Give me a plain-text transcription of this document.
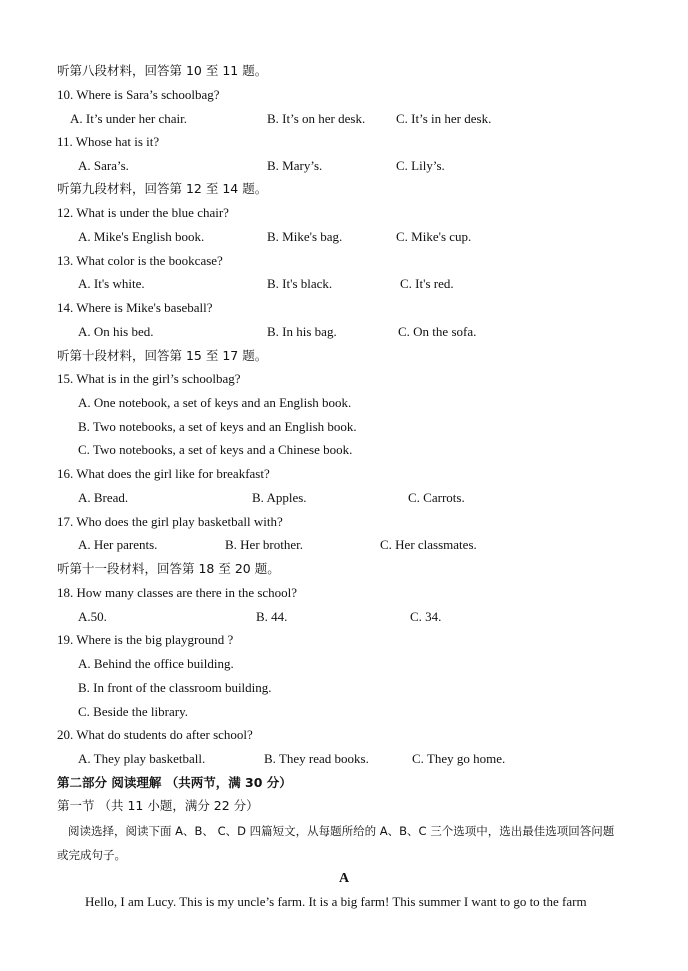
听第八段材料，回答第 10 至 11 题。
10. Where is Sara’s schoolbag?
A. It’s under her chair.	B. It’s on her desk. C. It’s in her desk.
11. Whose hat is it?
A. Sara’s.	B. Mary’s.	C. Lily’s.
听第九段材料，回答第 12 至 14 题。
12. What is under the blue chair?
A. Mike's English book.	B. Mike's bag.	C. Mike's cup.
13. What color is the bookcase?
A. It's white.	B. It's black.	C. It's red.
14. Where is Mike's baseball?
A. On his bed.	B. In his bag.	C. On the sofa.
听第十段材料，回答第 15 至 17 题。
15. What is in the girl’s schoolbag?
A. One notebook, a set of keys and an English book.
B. Two notebooks, a set of keys and an English book.
C. Two notebooks, a set of keys and a Chinese book.
16. What does the girl like for breakfast?
A. Bread.	B. Apples.	C. Carrots.
17. Who does the girl play basketball with?
A. Her parents.	B. Her brother.	C. Her classmates.
听第十一段材料，回答第 18 至 20 题。
18. How many classes are there in the school?
A.50.	B. 44.	C. 34.
19. Where is the big playground ?
A. Behind the office building.
B. In front of the classroom building.
C. Beside the library.
20. What do students do after school?
A. They play basketball.	B. They read books.	C. They go home.
第二部分 阅读理解 （共两节，满 30 分）
第一节 （共 11 小题，满分 22 分）
阅读选择，阅读下面 A、B、 C、D 四篇短文，从每题所给的 A、B、C 三个选项中，选出最佳选项回答问题
或完成句子。
A
Hello, I am Lucy. This is my uncle’s farm. It is a big farm! This summer I want to go to the farm
